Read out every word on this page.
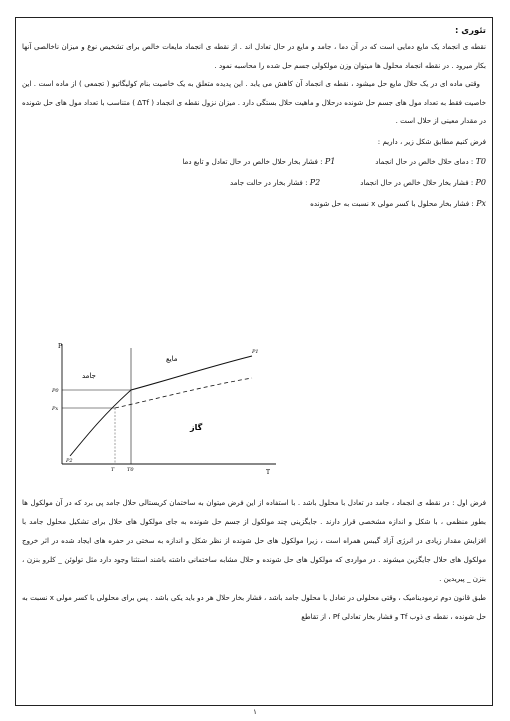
تئوری :

نقطه ی انجماد یک مایع دمایی است که در آن دما ، جامد و مایع در حال تعادل اند . از نقطه ی انجماد مایعات خالص برای تشخیص نوع و میزان ناخالصی آنها بکار میرود . در نقطه انجماد محلول ها میتوان وزن مولکولی جسم حل شده را محاسبه نمود .

وقتی ماده ای در یک حلال مایع حل میشود ، نقطه ی انجماد آن کاهش می یابد . این پدیده متعلق به یک خاصیت بنام کولیگاتیو ( تجمعی ) از ماده است . این خاصیت فقط به تعداد مول های جسم حل شونده درحلال و ماهیت حلال بستگی دارد . میزان نزول نقطه ی انجماد ( ΔTf ) متناسب با تعداد مول های حل شونده در مقدار معینی از حلال است .

فرض کنیم مطابق شکل زیر ، داریم :

T0 : دمای حلال خالص در حال انجماد
P1 : فشار بخار حلال خالص در حال تعادل و تابع دما
P0 : فشار بخار حلال خالص در حال انجماد
P2 : فشار بخار در حالت جامد
Px : فشار بخار محلول با کسر مولی x نسبت به حل شونده
P
T
جامد
مایع
گاز
P0
Px
P1
P2
T	T0

فرض اول : در نقطه ی انجماد ، جامد در تعادل با محلول باشد . با استفاده از این فرض میتوان به ساختمان کریستالی حلال جامد پی برد که در آن مولکول ها بطور منظمی ، با شکل و اندازه مشخصی قرار دارند . جایگزینی چند مولکول از جسم حل شونده به جای مولکول های حلال برای تشکیل محلول جامد با افزایش مقدار زیادی در انرژی آزاد گیبس همراه است ، زیرا مولکول های حل شونده از نظر شکل و اندازه به سختی در حفره های ایجاد شده در اثر خروج مولکول های حلال جایگزین میشوند . در مواردی که مولکول های حل شونده و حلال مشابه ساختمانی داشته باشند استثنا وجود دارد مثل تولوئن _ کلرو بنزن ، بنزن _ پیریدین .

طبق قانون دوم ترمودینامیک ، وقتی محلولی در تعادل با محلول جامد باشد ، فشار بخار حلال هر دو باید یکی باشد . پس برای محلولی با کسر مولی x نسبت به حل شونده ، نقطه ی ذوب Tf و فشار بخار تعادلی Pf ، از تقاطع

۱
